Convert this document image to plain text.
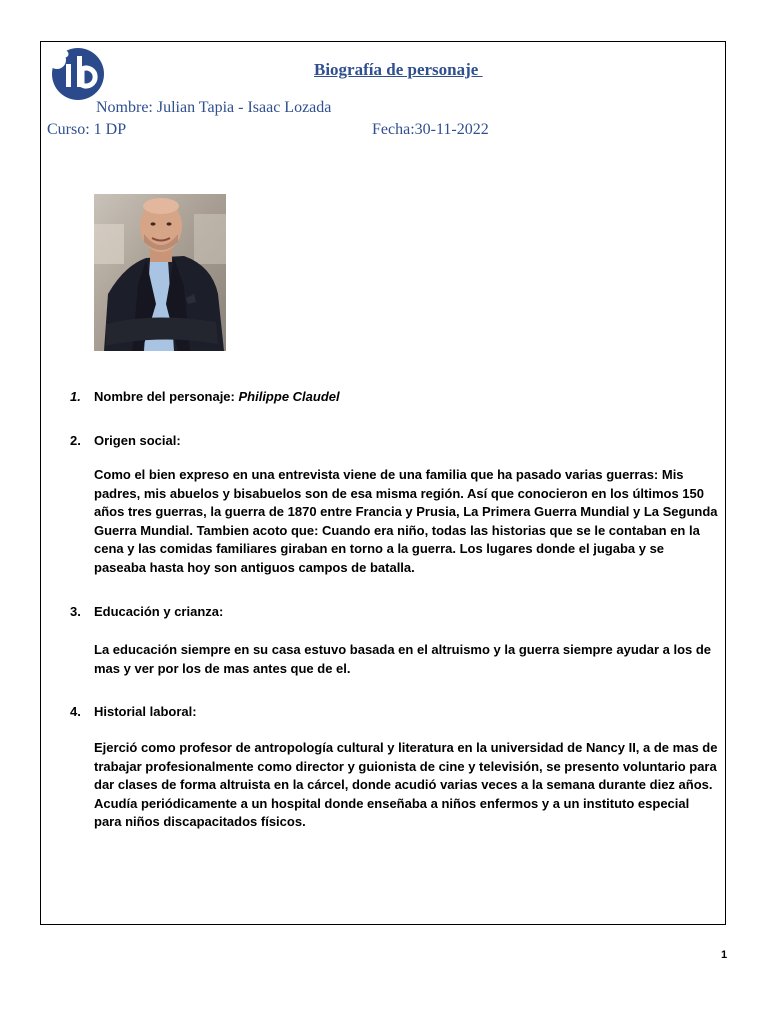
Biografía de personaje
Nombre: Julian Tapia - Isaac Lozada
Curso: 1 DP	Fecha:30-11-2022
1. Nombre del personaje: Philippe Claudel
2. Origen social:
Como el bien expreso en una entrevista viene de una familia que ha pasado varias guerras: Mis padres, mis abuelos y bisabuelos son de esa misma región. Así que conocieron en los últimos 150 años tres guerras, la guerra de 1870 entre Francia y Prusia, La Primera Guerra Mundial y La Segunda Guerra Mundial. Tambien acoto que: Cuando era niño, todas las historias que se le contaban en la cena y las comidas familiares giraban en torno a la guerra. Los lugares donde el jugaba y se paseaba hasta hoy son antiguos campos de batalla.
3. Educación y crianza:
La educación siempre en su casa estuvo basada en el altruismo y la guerra siempre ayudar a los de mas y ver por los de mas antes que de el.
4. Historial laboral:
Ejerció como profesor de antropología cultural y literatura en la universidad de Nancy II, a de mas de trabajar profesionalmente como director y guionista de cine y televisión, se presento voluntario para dar clases de forma altruista en la cárcel, donde acudió varias veces a la semana durante diez años. Acudía periódicamente a un hospital donde enseñaba a niños enfermos y a un instituto especial para niños discapacitados físicos.
1
